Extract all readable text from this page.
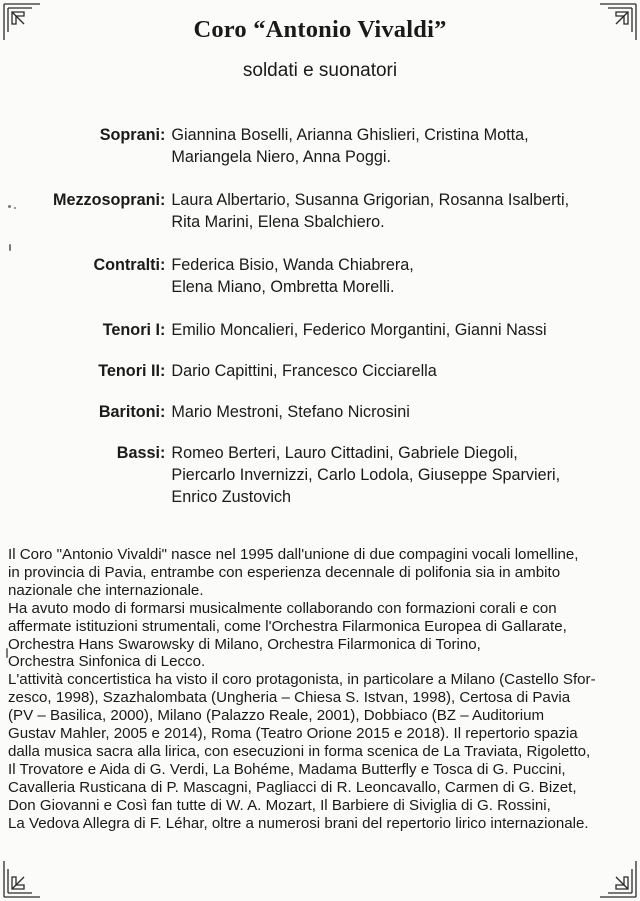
Coro “Antonio Vivaldi”
soldati e suonatori
Soprani : Giannina Boselli, Arianna Ghislieri, Cristina Motta,
Mariangela Niero, Anna Poggi.
Mezzosoprani : Laura Albertario, Susanna Grigorian, Rosanna Isalberti,
Rita Marini, Elena Sbalchiero.
Contralti : Federica Bisio, Wanda Chiabrera,
Elena Miano, Ombretta Morelli.
Tenori I : Emilio Moncalieri, Federico Morgantini, Gianni Nassi
Tenori II : Dario Capittini, Francesco Cicciarella
Baritoni : Mario Mestroni, Stefano Nicrosini
Bassi : Romeo Berteri, Lauro Cittadini, Gabriele Diegoli,
Piercarlo Invernizzi, Carlo Lodola, Giuseppe Sparvieri,
Enrico Zustovich
Il Coro "Antonio Vivaldi" nasce nel 1995 dall'unione di due compagini vocali lomelline,
in provincia di Pavia, entrambe con esperienza decennale di polifonia sia in ambito
nazionale che internazionale.
Ha avuto modo di formarsi musicalmente collaborando con formazioni corali e con
affermate istituzioni strumentali, come l'Orchestra Filarmonica Europea di Gallarate,
Orchestra Hans Swarowsky di Milano, Orchestra Filarmonica di Torino,
Orchestra Sinfonica di Lecco.
L'attività concertistica ha visto il coro protagonista, in particolare a Milano (Castello Sfor-
zesco, 1998), Szazhalombata (Ungheria – Chiesa S. Istvan, 1998), Certosa di Pavia
(PV – Basilica, 2000), Milano (Palazzo Reale, 2001), Dobbiaco (BZ – Auditorium
Gustav Mahler, 2005 e 2014), Roma (Teatro Orione 2015 e 2018). Il repertorio spazia
dalla musica sacra alla lirica, con esecuzioni in forma scenica de La Traviata, Rigoletto,
Il Trovatore e Aida di G. Verdi, La Bohéme, Madama Butterfly e Tosca di G. Puccini,
Cavalleria Rusticana di P. Mascagni, Pagliacci di R. Leoncavallo, Carmen di G. Bizet,
Don Giovanni e Così fan tutte di W. A. Mozart, Il Barbiere di Siviglia di G. Rossini,
La Vedova Allegra di F. Léhar, oltre a numerosi brani del repertorio lirico internazionale.
